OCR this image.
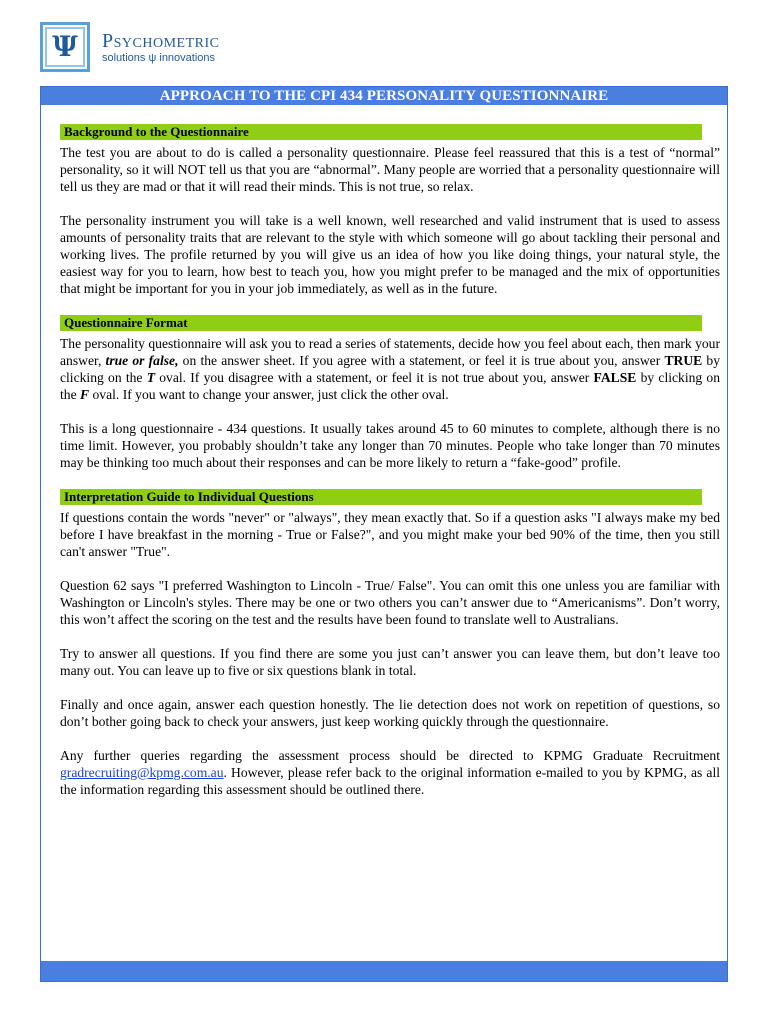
Ψ Psychometric
solutions ψ innovations
APPROACH TO THE CPI 434 PERSONALITY QUESTIONNAIRE
Background to the Questionnaire

The test you are about to do is called a personality questionnaire. Please feel reassured that this is a test of “normal” personality, so it will NOT tell us that you are “abnormal”. Many people are worried that a personality questionnaire will tell us they are mad or that it will read their minds. This is not true, so relax.

The personality instrument you will take is a well known, well researched and valid instrument that is used to assess amounts of personality traits that are relevant to the style with which someone will go about tackling their personal and working lives. The profile returned by you will give us an idea of how you like doing things, your natural style, the easiest way for you to learn, how best to teach you, how you might prefer to be managed and the mix of opportunities that might be important for you in your job immediately, as well as in the future.

Questionnaire Format

The personality questionnaire will ask you to read a series of statements, decide how you feel about each, then mark your answer, true or false, on the answer sheet. If you agree with a statement, or feel it is true about you, answer TRUE by clicking on the T oval. If you disagree with a statement, or feel it is not true about you, answer FALSE by clicking on the F oval. If you want to change your answer, just click the other oval.

This is a long questionnaire - 434 questions. It usually takes around 45 to 60 minutes to complete, although there is no time limit. However, you probably shouldn’t take any longer than 70 minutes. People who take longer than 70 minutes may be thinking too much about their responses and can be more likely to return a “fake-good” profile.

Interpretation Guide to Individual Questions

If questions contain the words "never" or "always", they mean exactly that. So if a question asks "I always make my bed before I have breakfast in the morning - True or False?", and you might make your bed 90% of the time, then you still can't answer "True".

Question 62 says "I preferred Washington to Lincoln - True/ False". You can omit this one unless you are familiar with Washington or Lincoln's styles. There may be one or two others you can’t answer due to “Americanisms”. Don’t worry, this won’t affect the scoring on the test and the results have been found to translate well to Australians.

Try to answer all questions. If you find there are some you just can’t answer you can leave them, but don’t leave too many out. You can leave up to five or six questions blank in total.

Finally and once again, answer each question honestly. The lie detection does not work on repetition of questions, so don’t bother going back to check your answers, just keep working quickly through the questionnaire.

Any further queries regarding the assessment process should be directed to KPMG Graduate Recruitment gradrecruiting@kpmg.com.au. However, please refer back to the original information e-mailed to you by KPMG, as all the information regarding this assessment should be outlined there.
